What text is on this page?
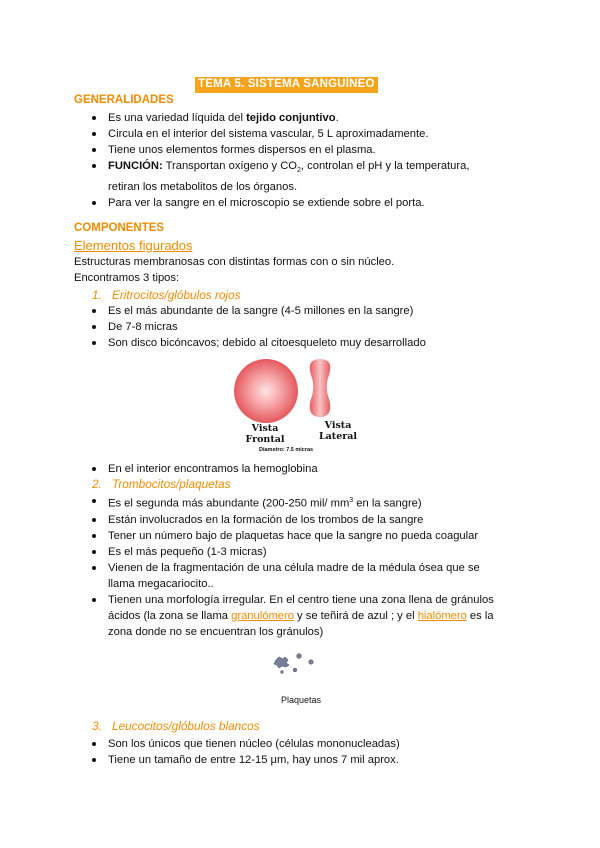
TEMA 5. SISTEMA SANGUÍNEO
GENERALIDADES
Es una variedad líquida del tejido conjuntivo.
Circula en el interior del sistema vascular, 5 L aproximadamente.
Tiene unos elementos formes dispersos en el plasma.
FUNCIÓN: Transportan oxígeno y $CO_2$, controlan el pH y la temperatura,
retiran los metabolitos de los órganos.
Para ver la sangre en el microscopio se extiende sobre el porta.
COMPONENTES
Elementos figurados
Estructuras membranosas con distintas formas con o sin núcleo.
Encontramos 3 tipos:
1. Eritrocitos/glóbulos rojos
Es el más abundante de la sangre (4-5 millones en la sangre)
De 7-8 micras
Son disco bicóncavos; debido al citoesqueleto muy desarrollado
Vista
Frontal
Vista
Lateral
Diametro: 7.5 micras
En el interior encontramos la hemoglobina
2. Trombocitos/plaquetas
Es el segunda más abundante (200-250 mil/ $mm^3$ en la sangre)
Están involucrados en la formación de los trombos de la sangre
Tener un número bajo de plaquetas hace que la sangre no pueda coagular
Es el más pequeño (1-3 micras)
Vienen de la fragmentación de una célula madre de la médula ósea que se
llama megacariocito..
Tienen una morfología irregular. En el centro tiene una zona llena de gránulos
ácidos (la zona se llama granulómero y se teñirá de azul ; y el hialómero es la
zona donde no se encuentran los gránulos)
Plaquetas
3. Leucocitos/glóbulos blancos
Son los únicos que tienen núcleo (células mononucleadas)
Tiene un tamaño de entre 12-15 μm, hay unos 7 mil aprox.
